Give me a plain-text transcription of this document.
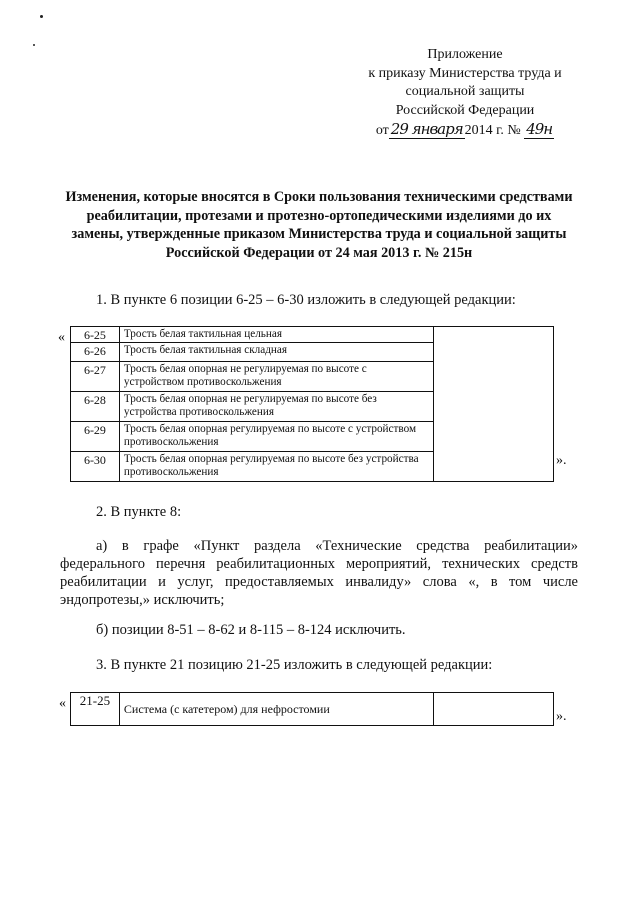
Приложение
к приказу Министерства труда и
социальной защиты
Российской Федерации
от 29 января 2014 г. № 49н
Изменения, которые вносятся в Сроки пользования техническими средствами реабилитации, протезами и протезно-ортопедическими изделиями до их замены, утвержденные приказом Министерства труда и социальной защиты Российской Федерации от 24 мая 2013 г. № 215н
1. В пункте 6 позиции 6-25 – 6-30 изложить в следующей редакции:
« 6-25	Трость белая тактильная цельная	
6-26	Трость белая тактильная складная	
6-27	Трость белая опорная не регулируемая по высоте с устройством противоскольжения	
6-28	Трость белая опорная не регулируемая по высоте без устройства противоскольжения	
6-29	Трость белая опорная регулируемая по высоте с устройством противоскольжения	
6-30	Трость белая опорная регулируемая по высоте без устройства противоскольжения	
».
2. В пункте 8:
а) в графе «Пункт раздела «Технические средства реабилитации» федерального перечня реабилитационных мероприятий, технических средств реабилитации и услуг, предоставляемых инвалиду» слова «, в том числе эндопротезы,» исключить;
б) позиции 8-51 – 8-62 и 8-115 – 8-124 исключить.
3. В пункте 21 позицию 21-25 изложить в следующей редакции:
« 21-25	Система (с катетером) для нефростомии		».
